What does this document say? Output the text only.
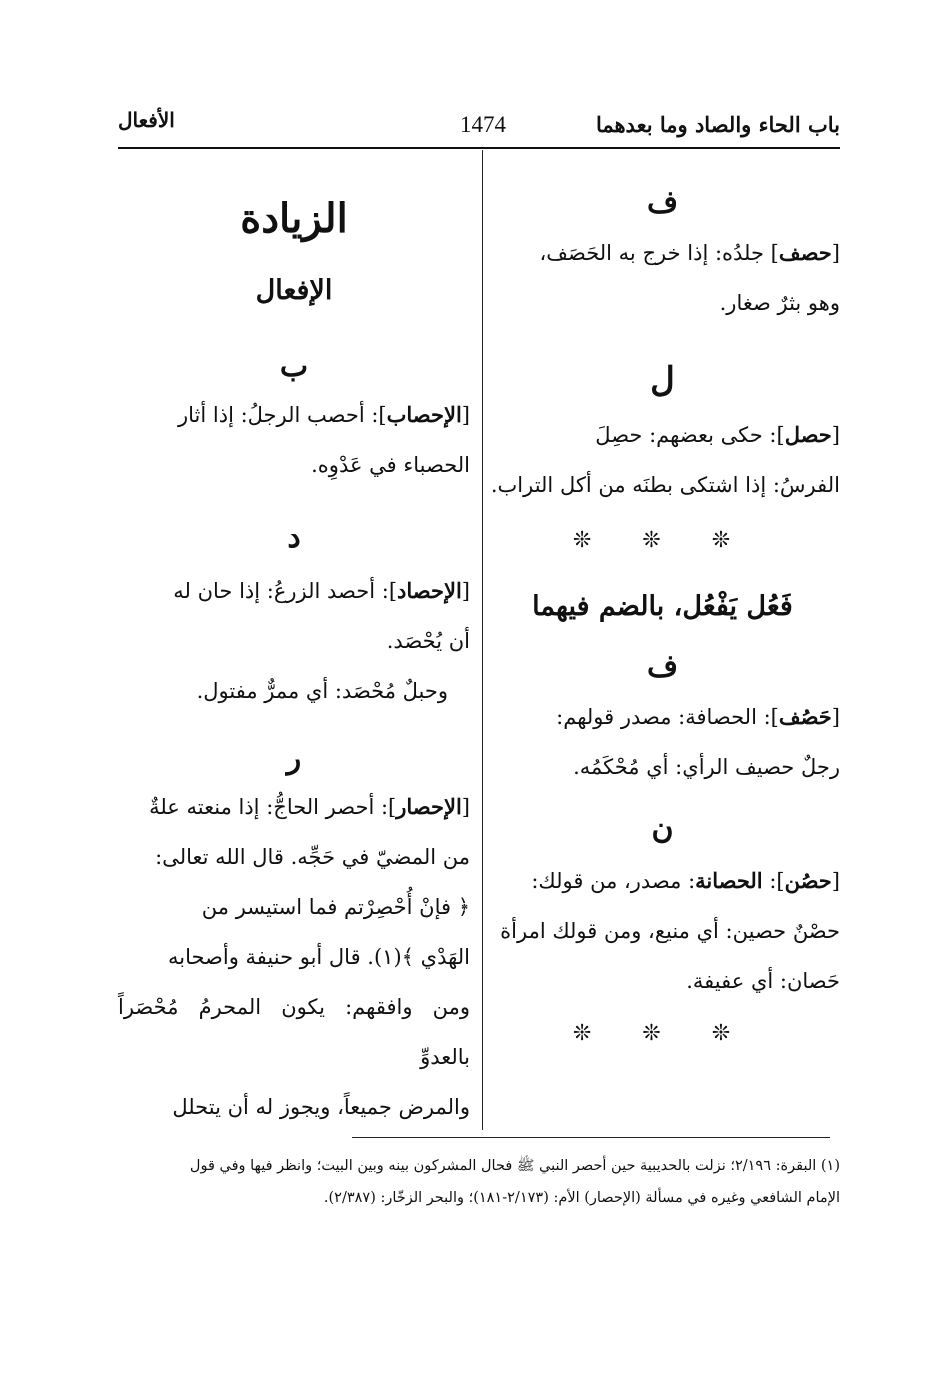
باب الحاء والصاد وما بعدهما
1474
الأفعال
ف
[حصف] جلدُه: إذا خرج به الحَصَف،
وهو بثرٌ صغار.
ل
[حصل]: حكى بعضهم: حصِلَ
الفرسُ: إذا اشتكى بطنَه من أكل التراب.
❊ ❊ ❊
فَعُل يَفْعُل، بالضم فيهما
ف
[حَصُف]: الحصافة: مصدر قولهم:
رجلٌ حصيف الرأي: أي مُحْكَمُه.
ن
[حصُن]: الحصانة: مصدر، من قولك:
حصْنٌ حصين: أي منيع، ومن قولك امرأة
حَصان: أي عفيفة.
❊ ❊ ❊
الزيادة
الإفعال
ب
[الإحصاب]: أحصب الرجلُ: إذا أثار
الحصباء في عَدْوِه.
د
[الإحصاد]: أحصد الزرعُ: إذا حان له
أن يُحْصَد.
وحبلٌ مُحْصَد: أي ممرٌّ مفتول.
ر
[الإحصار]: أحصر الحاجُّ: إذا منعته علةٌ
من المضيّ في حَجِّه. قال الله تعالى:
﴿ فإنْ أُحْصِرْتم فما استيسر من
الهَدْي ﴾(١). قال أبو حنيفة وأصحابه
ومن وافقهم: يكون المحرمُ مُحْصَراً بالعدوِّ
والمرض جميعاً، ويجوز له أن يتحلل
(١) البقرة: ٢/١٩٦؛ نزلت بالحديبية حين أحصر النبي ﷺ فحال المشركون بينه وبين البيت؛ وانظر فيها وفي قول
الإمام الشافعي وغيره في مسألة (الإحصار) الأم: (٢/١٧٣-١٨١)؛ والبحر الزخّار: (٢/٣٨٧).
